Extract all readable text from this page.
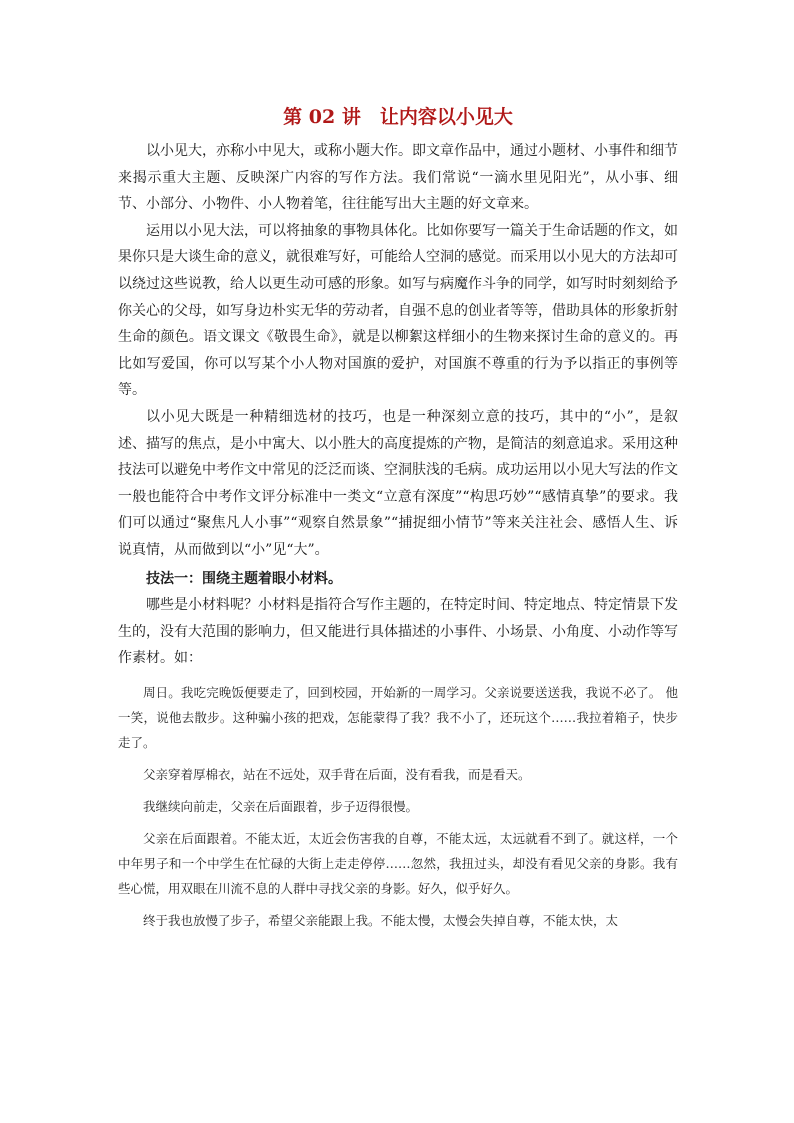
第 02 讲　让内容以小见大

以小见大，亦称小中见大，或称小题大作。即文章作品中，通过小题材、小事件和细节来揭示重大主题、反映深广内容的写作方法。我们常说“一滴水里见阳光”，从小事、细节、小部分、小物件、小人物着笔，往往能写出大主题的好文章来。

运用以小见大法，可以将抽象的事物具体化。比如你要写一篇关于生命话题的作文，如果你只是大谈生命的意义，就很难写好，可能给人空洞的感觉。而采用以小见大的方法却可以绕过这些说教，给人以更生动可感的形象。如写与病魔作斗争的同学，如写时时刻刻给予你关心的父母，如写身边朴实无华的劳动者，自强不息的创业者等等，借助具体的形象折射生命的颜色。语文课文《敬畏生命》，就是以柳絮这样细小的生物来探讨生命的意义的。再比如写爱国，你可以写某个小人物对国旗的爱护，对国旗不尊重的行为予以指正的事例等等。

以小见大既是一种精细选材的技巧，也是一种深刻立意的技巧，其中的“小”，是叙述、描写的焦点，是小中寓大、以小胜大的高度提炼的产物，是简洁的刻意追求。采用这种技法可以避免中考作文中常见的泛泛而谈、空洞肤浅的毛病。成功运用以小见大写法的作文一般也能符合中考作文评分标准中一类文“立意有深度”“构思巧妙”“感情真挚”的要求。我们可以通过“聚焦凡人小事”“观察自然景象”“捕捉细小情节”等来关注社会、感悟人生、诉说真情，从而做到以“小”见“大”。

技法一：围绕主题着眼小材料。

哪些是小材料呢？小材料是指符合写作主题的，在特定时间、特定地点、特定情景下发生的，没有大范围的影响力，但又能进行具体描述的小事件、小场景、小角度、小动作等写作素材。如：

周日。我吃完晚饭便要走了，回到校园，开始新的一周学习。父亲说要送送我，我说不必了。 他一笑，说他去散步。这种骗小孩的把戏，怎能蒙得了我？我不小了，还玩这个……我拉着箱子，快步走了。

父亲穿着厚棉衣，站在不远处，双手背在后面，没有看我，而是看天。

我继续向前走，父亲在后面跟着，步子迈得很慢。

父亲在后面跟着。不能太近，太近会伤害我的自尊，不能太远，太远就看不到了。就这样，一个中年男子和一个中学生在忙碌的大街上走走停停……忽然，我扭过头，却没有看见父亲的身影。我有些心慌，用双眼在川流不息的人群中寻找父亲的身影。好久，似乎好久。

终于我也放慢了步子，希望父亲能跟上我。不能太慢，太慢会失掉自尊，不能太快，太
